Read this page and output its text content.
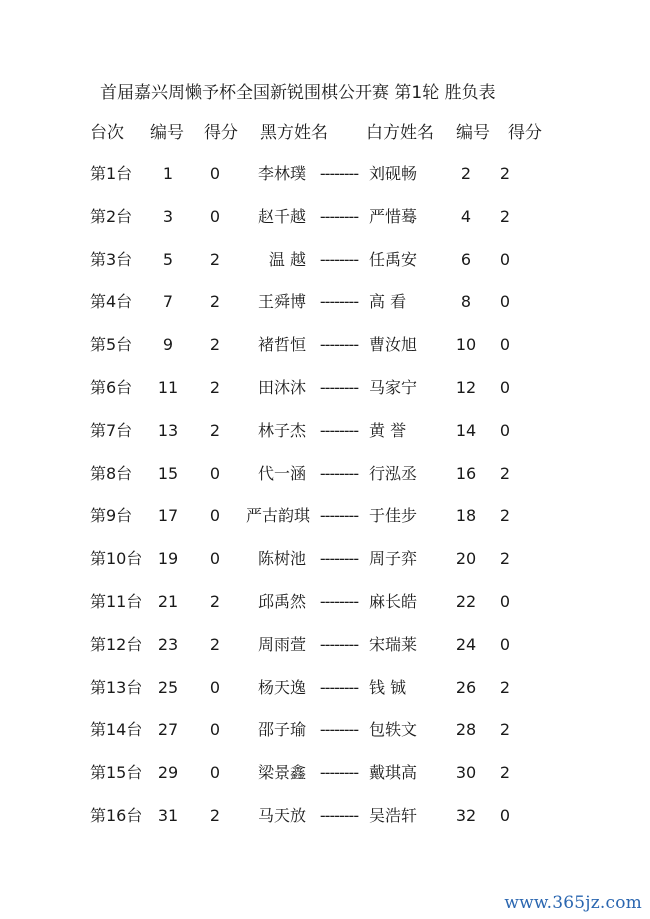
首届嘉兴周懒予杯全国新锐围棋公开赛 第1轮 胜负表
台次 编号 得分 黑方姓名 白方姓名 编号 得分
第1台	1	0	李林璞 -------- 刘砚畅	2	2
第2台	3	0	赵千越 -------- 严惜蓦	4	2
第3台	5	2	温 越 -------- 任禹安	6	0
第4台	7	2	王舜博 -------- 高 看	8	0
第5台	9	2	褚哲恒 -------- 曹汝旭	10	0
第6台	11	2	田沐沐 -------- 马家宁	12	0
第7台	13	2	林子杰 -------- 黄 誉	14	0
第8台	15	0	代一涵 -------- 行泓丞	16	2
第9台	17	0	严古韵琪 -------- 于佳步	18	2
第10台 19	0	陈树池 -------- 周子弈	20	2
第11台 21	2	邱禹然 -------- 麻长皓	22	0
第12台 23	2	周雨萱 -------- 宋瑞莱	24	0
第13台 25	0	杨天逸 -------- 钱 铖	26	2
第14台 27	0	邵子瑜 -------- 包轶文	28	2
第15台 29	0	梁景鑫 -------- 戴琪高	30	2
第16台 31	2	马天放 -------- 吴浩轩	32	0
www.365jz.com
